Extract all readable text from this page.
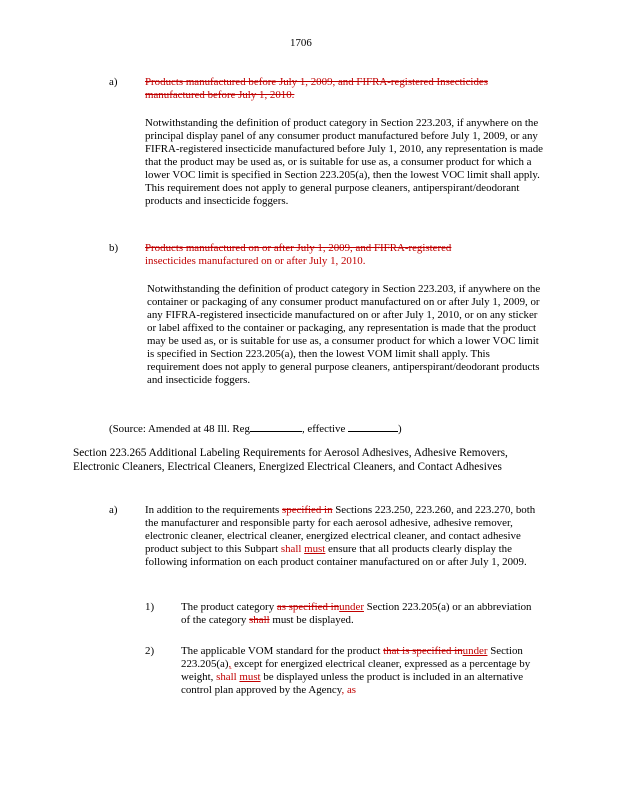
1706
a)	Products manufactured before July 1, 2009, and FIFRA-registered Insecticides manufactured before July 1, 2010.
Notwithstanding the definition of product category in Section 223.203, if anywhere on the principal display panel of any consumer product manufactured before July 1, 2009, or any FIFRA-registered insecticide manufactured before July 1, 2010, any representation is made that the product may be used as, or is suitable for use as, a consumer product for which a lower VOC limit is specified in Section 223.205(a), then the lowest VOC limit shall apply. This requirement does not apply to general purpose cleaners, antiperspirant/deodorant products and insecticide foggers.
b) Products manufactured on or after July 1, 2009, and FIFRA-registered
insecticides manufactured on or after July 1, 2010.
Notwithstanding the definition of product category in Section 223.203, if anywhere on the container or packaging of any consumer product manufactured on or after July 1, 2009, or any FIFRA-registered insecticide manufactured on or after July 1, 2010, or on any sticker or label affixed to the container or packaging, any representation is made that the product may be used as, or is suitable for use as, a consumer product for which a lower VOC limit is specified in Section 223.205(a), then the lowest VOM limit shall apply. This requirement does not apply to general purpose cleaners, antiperspirant/deodorant products and insecticide foggers.
(Source: Amended at 48 Ill. Reg	, effective	)
Section 223.265 Additional Labeling Requirements for Aerosol Adhesives, Adhesive Removers, Electronic Cleaners, Electrical Cleaners, Energized Electrical Cleaners, and Contact Adhesives
a)	In addition to the requirements specified in Sections 223.250, 223.260, and 223.270, both the manufacturer and responsible party for each aerosol adhesive, adhesive remover, electronic cleaner, electrical cleaner, energized electrical cleaner, and contact adhesive product subject to this Subpart shall must ensure that all products clearly display the following information on each product container manufactured on or after July 1, 2009.
1) The product category as specified inunder Section 223.205(a) or an abbreviation of the category shall must be displayed.
2) The applicable VOM standard for the product that is specified inunder Section 223.205(a), except for energized electrical cleaner, expressed as a percentage by weight, shall must be displayed unless the product is included in an alternative control plan approved by the Agency, as
